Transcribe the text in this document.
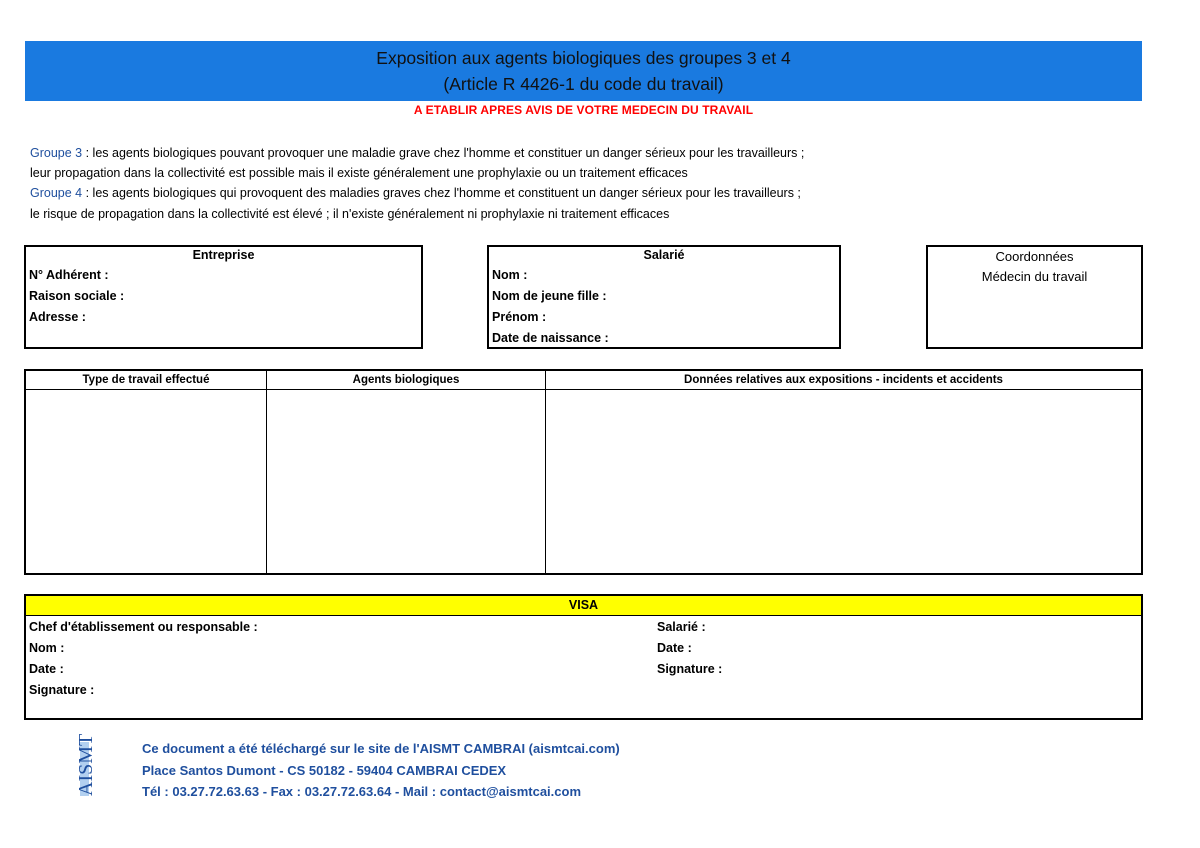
Exposition aux agents biologiques des groupes 3 et 4
(Article R 4426-1 du code du travail)
A ETABLIR APRES AVIS DE VOTRE MEDECIN DU TRAVAIL
Groupe 3 : les agents biologiques pouvant provoquer une maladie grave chez l'homme et constituer un danger sérieux pour les travailleurs ;
leur propagation dans la collectivité est possible mais il existe généralement une prophylaxie ou un traitement efficaces
Groupe 4 : les agents biologiques qui provoquent des maladies graves chez l'homme et constituent un danger sérieux pour les travailleurs ;
le risque de propagation dans la collectivité est élevé ; il n'existe généralement ni prophylaxie ni traitement efficaces
Entreprise
N° Adhérent :
Raison sociale :
Adresse :
Salarié
Nom :
Nom de jeune fille :
Prénom :
Date de naissance :
Coordonnées
Médecin du travail
Type de travail effectué	Agents biologiques	Données relatives aux expositions - incidents et accidents
VISA
Chef d'établissement ou responsable :
Nom :
Date :
Signature :
Salarié :
Date :
Signature :
AISMT	Ce document a été téléchargé sur le site de l'AISMT CAMBRAI (aismtcai.com)
Place Santos Dumont - CS 50182 - 59404 CAMBRAI CEDEX
Tél : 03.27.72.63.63 - Fax : 03.27.72.63.64 - Mail : contact@aismtcai.com
